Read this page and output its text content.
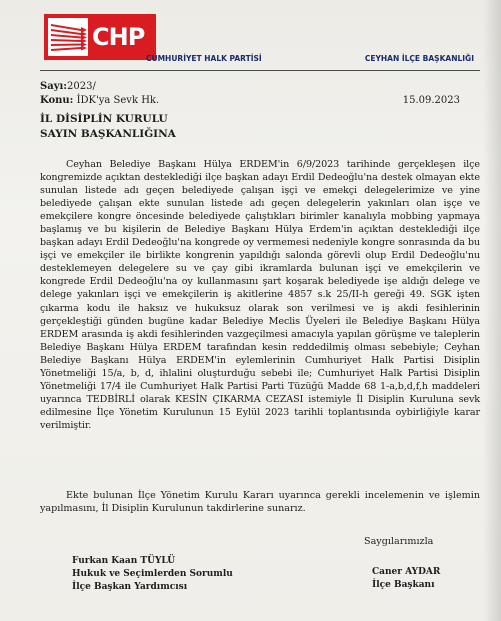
CHP
CUMHURİYET HALK PARTİSİ	CEYHAN İLÇE BAŞKANLIĞI
Sayı:2023/
Konu: İDK'ya Sevk Hk.	15.09.2023
İL DİSİPLİN KURULU
SAYIN BAŞKANLIĞINA

Ceyhan Belediye Başkanı Hülya ERDEM'in 6/9/2023 tarihinde gerçekleşen ilçe kongremizde açıktan desteklediği ilçe başkan adayı Erdil Dedeoğlu'na destek olmayan ekte sunulan listede adı geçen belediyede çalışan işçi ve emekçi delegelerimize ve yine belediyede çalışan ekte sunulan listede adı geçen delegelerin yakınları olan işçe ve emekçilere kongre öncesinde belediyede çalıştıkları birimler kanalıyla mobbing yapmaya başlamış ve bu kişilerin de Belediye Başkanı Hülya Erdem'in açıktan desteklediği ilçe başkan adayı Erdil Dedeoğlu'na kongrede oy vermemesi nedeniyle kongre sonrasında da bu işçi ve emekçiler ile birlikte kongrenin yapıldığı salonda görevli olup Erdil Dedeoğlu'nu desteklemeyen delegelere su ve çay gibi ikramlarda bulunan işçi ve emekçilerin ve kongrede Erdil Dedeoğlu'na oy kullanmasını şart koşarak belediyede işe aldığı delege ve delege yakınları işçi ve emekçilerin iş akitlerine 4857 s.k 25/II-h gereği 49. SGK işten çıkarma kodu ile haksız ve hukuksuz olarak son verilmesi ve iş akdi fesihlerinin gerçekleştiği günden bugüne kadar Belediye Meclis Üyeleri ile Belediye Başkanı Hülya ERDEM arasında iş akdi fesihlerinden vazgeçilmesi amacıyla yapılan görüşme ve taleplerin Belediye Başkanı Hülya ERDEM tarafından kesin reddedilmiş olması sebebiyle; Ceyhan Belediye Başkanı Hülya ERDEM'in eylemlerinin Cumhuriyet Halk Partisi Disiplin Yönetmeliği 15/a, b, d, ihlalini oluşturduğu sebebi ile; Cumhuriyet Halk Partisi Disiplin Yönetmeliği 17/4 ile Cumhuriyet Halk Partisi Parti Tüzüğü Madde 68 1-a,b,d,f,h maddeleri uyarınca TEDBİRLİ olarak KESİN ÇIKARMA CEZASI istemiyle İl Disiplin Kuruluna sevk edilmesine İlçe Yönetim Kurulunun 15 Eylül 2023 tarihli toplantısında oybirliğiyle karar verilmiştir.

Ekte bulunan İlçe Yönetim Kurulu Kararı uyarınca gerekli incelemenin ve işlemin yapılmasını, İl Disiplin Kurulunun takdirlerine sunarız.

Saygılarımızla
Furkan Kaan TÜYLÜ
Hukuk ve Seçimlerden Sorumlu
İlçe Başkan Yardımcısı
Caner AYDAR
İlçe Başkanı
